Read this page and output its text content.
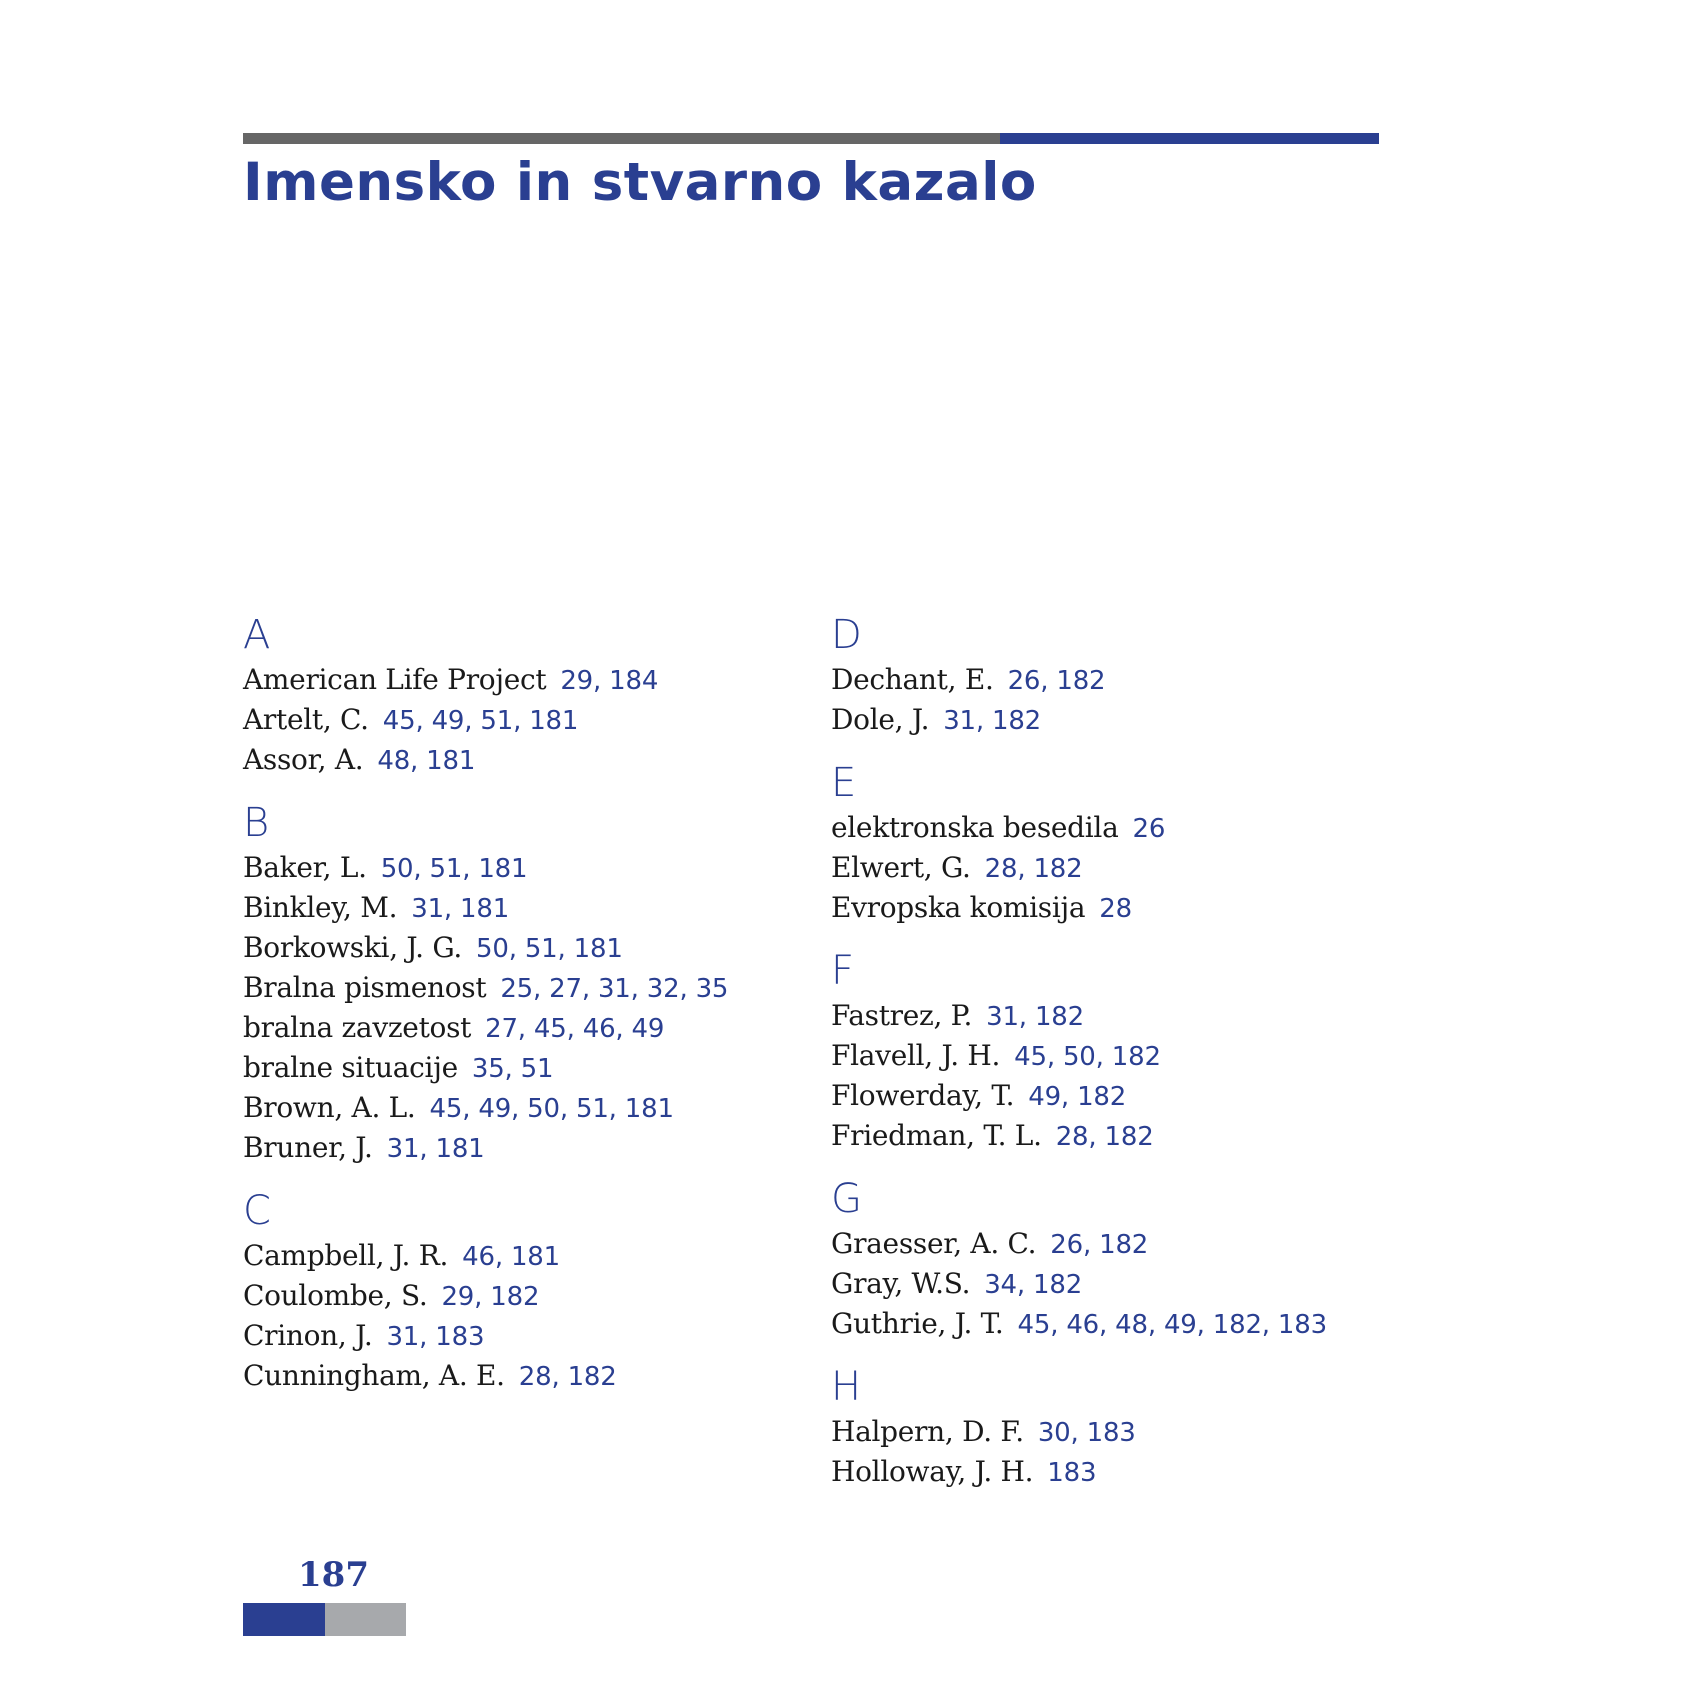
Imensko in stvarno kazalo
A
American Life Project 29, 184
Artelt, C. 45, 49, 51, 181
Assor, A. 48, 181
B
Baker, L. 50, 51, 181
Binkley, M. 31, 181
Borkowski, J. G. 50, 51, 181
Bralna pismenost 25, 27, 31, 32, 35
bralna zavzetost 27, 45, 46, 49
bralne situacije 35, 51
Brown, A. L. 45, 49, 50, 51, 181
Bruner, J. 31, 181
C
Campbell, J. R. 46, 181
Coulombe, S. 29, 182
Crinon, J. 31, 183
Cunningham, A. E. 28, 182
D
Dechant, E. 26, 182
Dole, J. 31, 182
E
elektronska besedila 26
Elwert, G. 28, 182
Evropska komisija 28
F
Fastrez, P. 31, 182
Flavell, J. H. 45, 50, 182
Flowerday, T. 49, 182
Friedman, T. L. 28, 182
G
Graesser, A. C. 26, 182
Gray, W.S. 34, 182
Guthrie, J. T. 45, 46, 48, 49, 182, 183
H
Halpern, D. F. 30, 183
Holloway, J. H. 183
187
